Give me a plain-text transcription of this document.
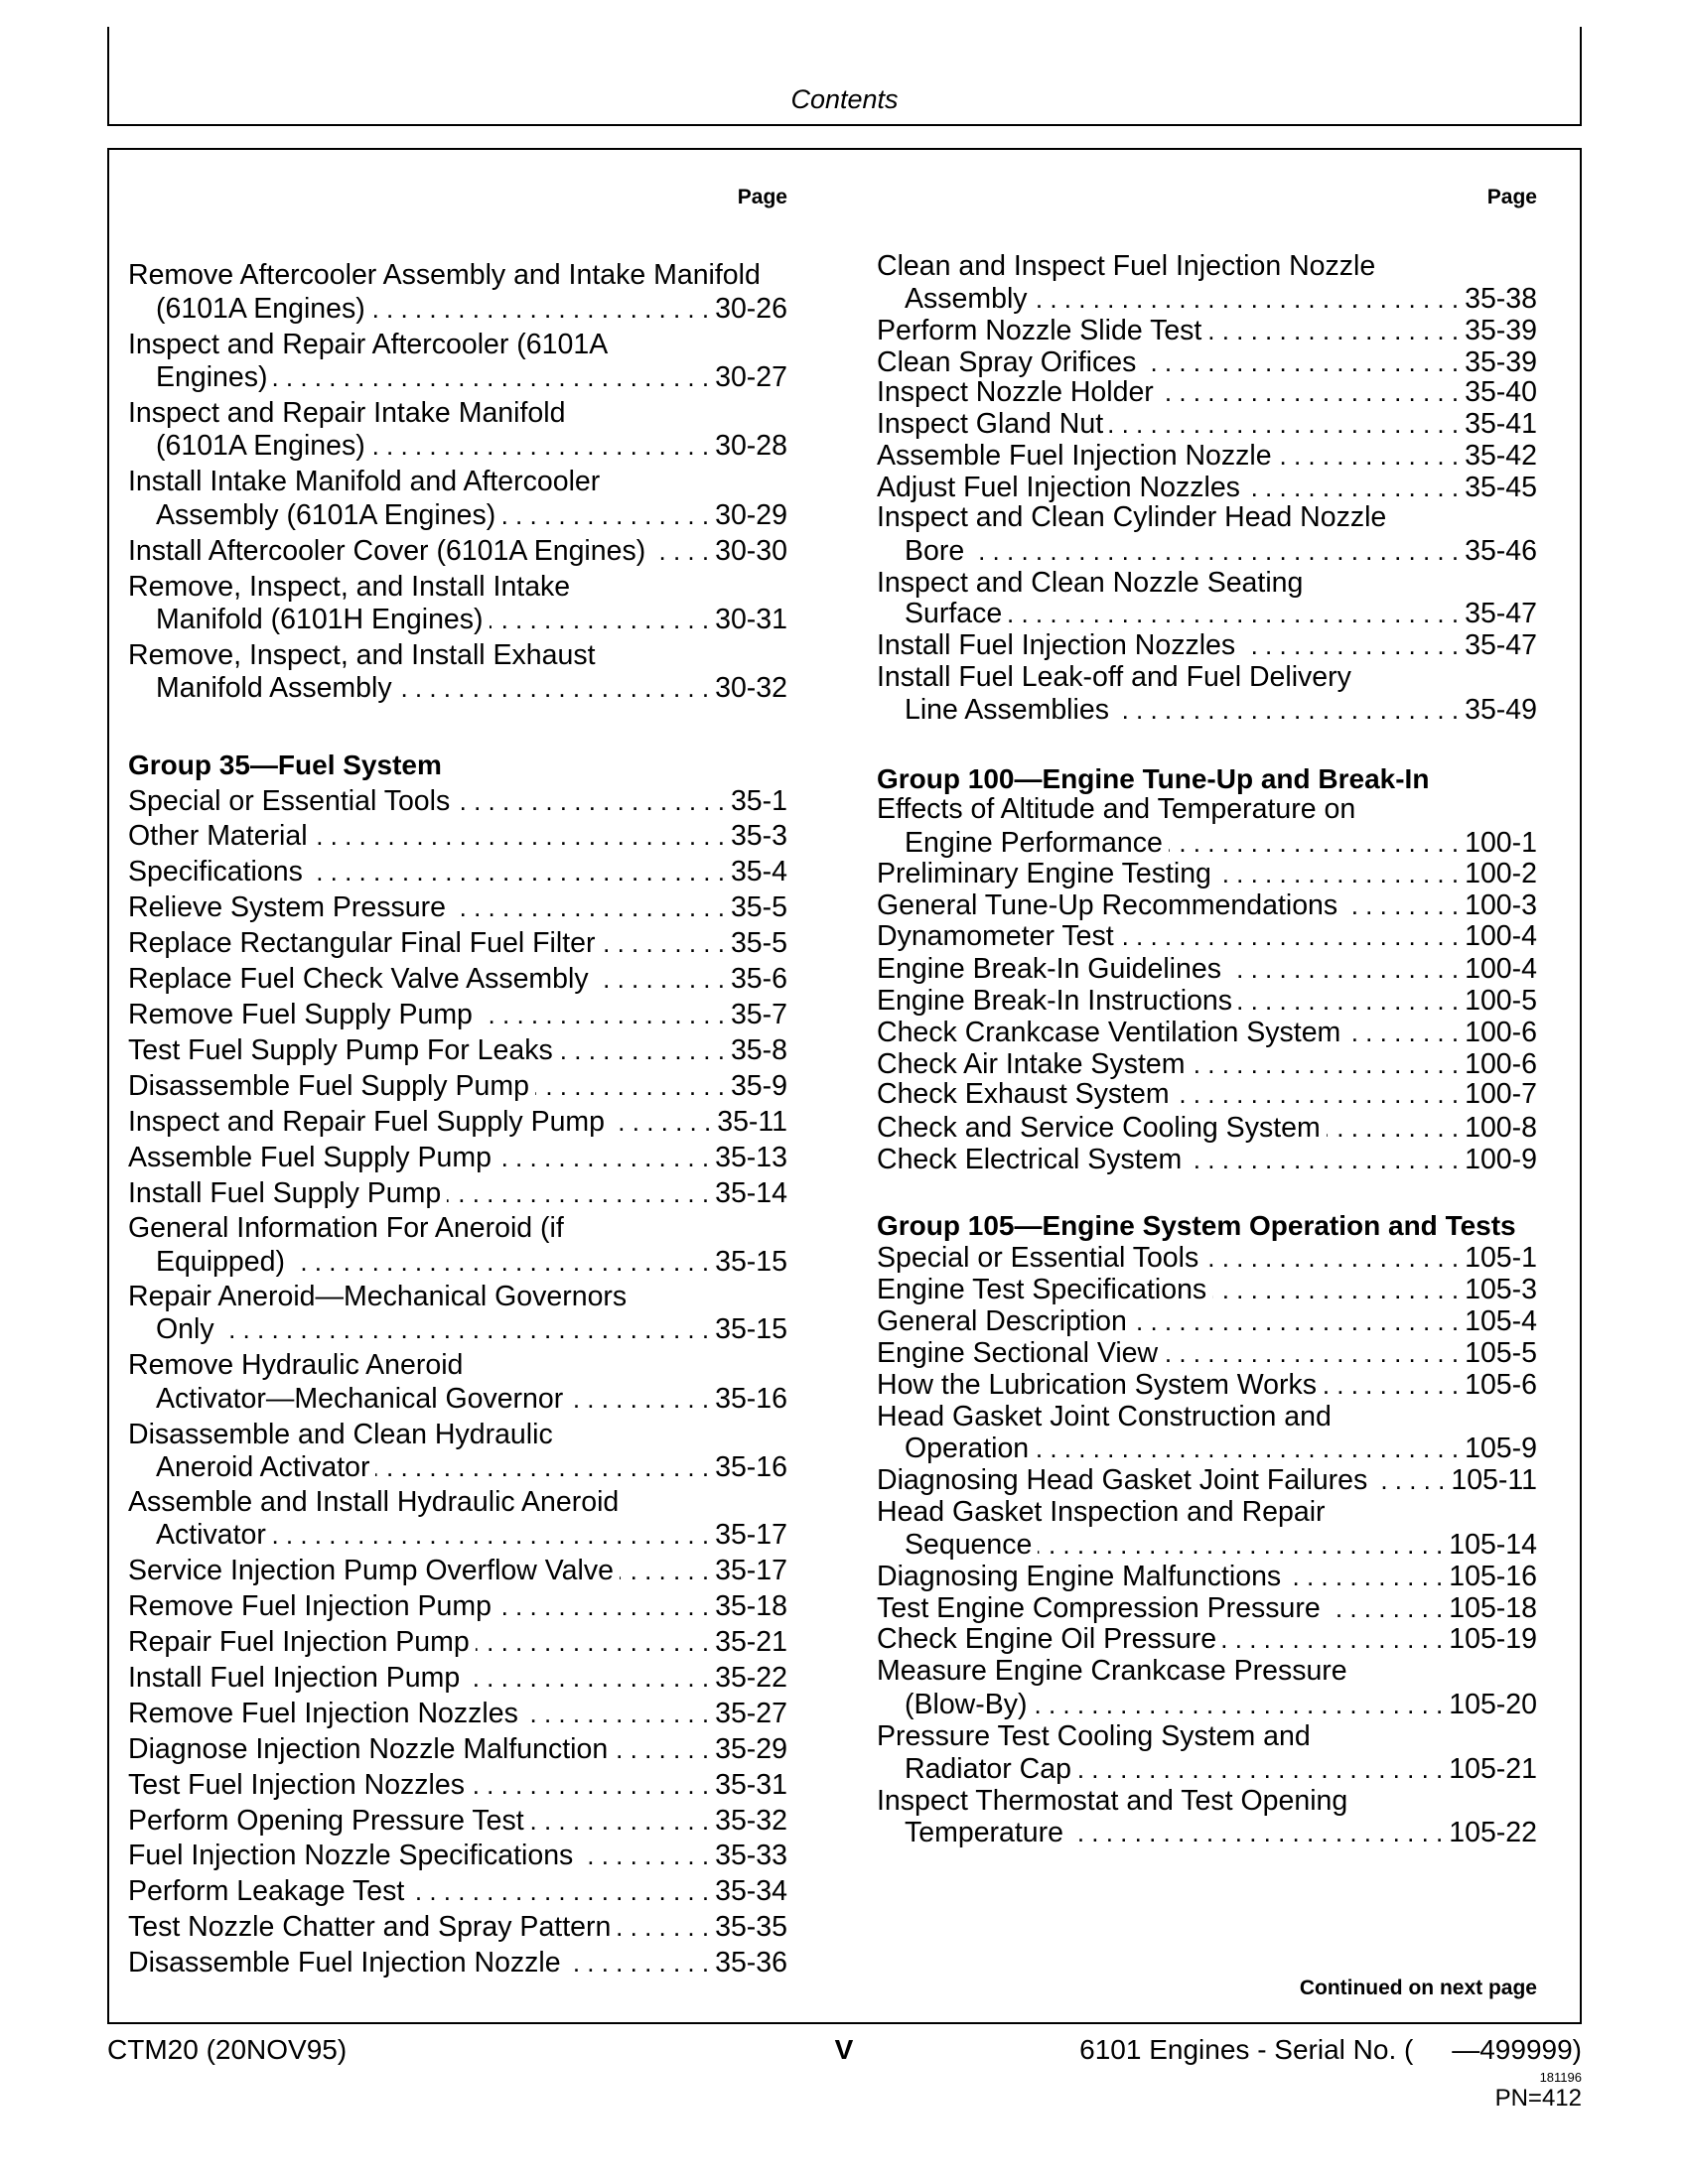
Contents
Page	Page
Remove Aftercooler Assembly and Intake Manifold
(6101A Engines) . . .	30-26
Inspect and Repair Aftercooler (6101A
Engines) . . .	30-27
Inspect and Repair Intake Manifold
(6101A Engines) . . .	30-28
Install Intake Manifold and Aftercooler
Assembly (6101A Engines) . . .	30-29
Install Aftercooler Cover (6101A Engines) . . . 30-30
Remove, Inspect, and Install Intake
Manifold (6101H Engines) . . .	30-31
Remove, Inspect, and Install Exhaust
Manifold Assembly . . .	30-32
Group 35—Fuel System
Special or Essential Tools . . .	35-1
Other Material . . .	35-3
Specifications . . .	35-4
Relieve System Pressure . . .	35-5
Replace Rectangular Final Fuel Filter . . .	35-5
Replace Fuel Check Valve Assembly . . .	35-6
Remove Fuel Supply Pump . . .	35-7
Test Fuel Supply Pump For Leaks . . .	35-8
Disassemble Fuel Supply Pump . . .	35-9
Inspect and Repair Fuel Supply Pump . . .	35-11
Assemble Fuel Supply Pump . . .	35-13
Install Fuel Supply Pump . . .	35-14
General Information For Aneroid (if
Equipped) . . .	35-15
Repair Aneroid—Mechanical Governors
Only . . .	35-15
Remove Hydraulic Aneroid
Activator—Mechanical Governor . . .	35-16
Disassemble and Clean Hydraulic
Aneroid Activator . . .	35-16
Assemble and Install Hydraulic Aneroid
Activator . . .	35-17
Service Injection Pump Overflow Valve . . .	35-17
Remove Fuel Injection Pump . . .	35-18
Repair Fuel Injection Pump . . .	35-21
Install Fuel Injection Pump . . .	35-22
Remove Fuel Injection Nozzles . . .	35-27
Diagnose Injection Nozzle Malfunction . . .	35-29
Test Fuel Injection Nozzles . . .	35-31
Perform Opening Pressure Test . . .	35-32
Fuel Injection Nozzle Specifications . . .	35-33
Perform Leakage Test . . .	35-34
Test Nozzle Chatter and Spray Pattern . . .	35-35
Disassemble Fuel Injection Nozzle . . .	35-36
Clean and Inspect Fuel Injection Nozzle
Assembly . . .	35-38
Perform Nozzle Slide Test . . .	35-39
Clean Spray Orifices . . .	35-39
Inspect Nozzle Holder . . .	35-40
Inspect Gland Nut . . .	35-41
Assemble Fuel Injection Nozzle . . .	35-42
Adjust Fuel Injection Nozzles . . .	35-45
Inspect and Clean Cylinder Head Nozzle
Bore . . .	35-46
Inspect and Clean Nozzle Seating
Surface . . .	35-47
Install Fuel Injection Nozzles . . .	35-47
Install Fuel Leak-off and Fuel Delivery
Line Assemblies . . .	35-49
Group 100—Engine Tune-Up and Break-In
Effects of Altitude and Temperature on
Engine Performance . . .	100-1
Preliminary Engine Testing . . .	100-2
General Tune-Up Recommendations . . .	100-3
Dynamometer Test . . .	100-4
Engine Break-In Guidelines . . .	100-4
Engine Break-In Instructions . . .	100-5
Check Crankcase Ventilation System . . .	100-6
Check Air Intake System . . .	100-6
Check Exhaust System . . .	100-7
Check and Service Cooling System . . .	100-8
Check Electrical System . . .	100-9
Group 105—Engine System Operation and Tests
Special or Essential Tools . . .	105-1
Engine Test Specifications . . .	105-3
General Description . . .	105-4
Engine Sectional View . . .	105-5
How the Lubrication System Works . . .	105-6
Head Gasket Joint Construction and
Operation . . .	105-9
Diagnosing Head Gasket Joint Failures . . .	105-11
Head Gasket Inspection and Repair
Sequence . . .	105-14
Diagnosing Engine Malfunctions . . .	105-16
Test Engine Compression Pressure . . .	105-18
Check Engine Oil Pressure . . .	105-19
Measure Engine Crankcase Pressure
(Blow-By) . . .	105-20
Pressure Test Cooling System and
Radiator Cap . . .	105-21
Inspect Thermostat and Test Opening
Temperature . . .	105-22
Continued on next page
CTM20 (20NOV95)	V	6101 Engines - Serial No. (     —499999)
181196
PN=412
